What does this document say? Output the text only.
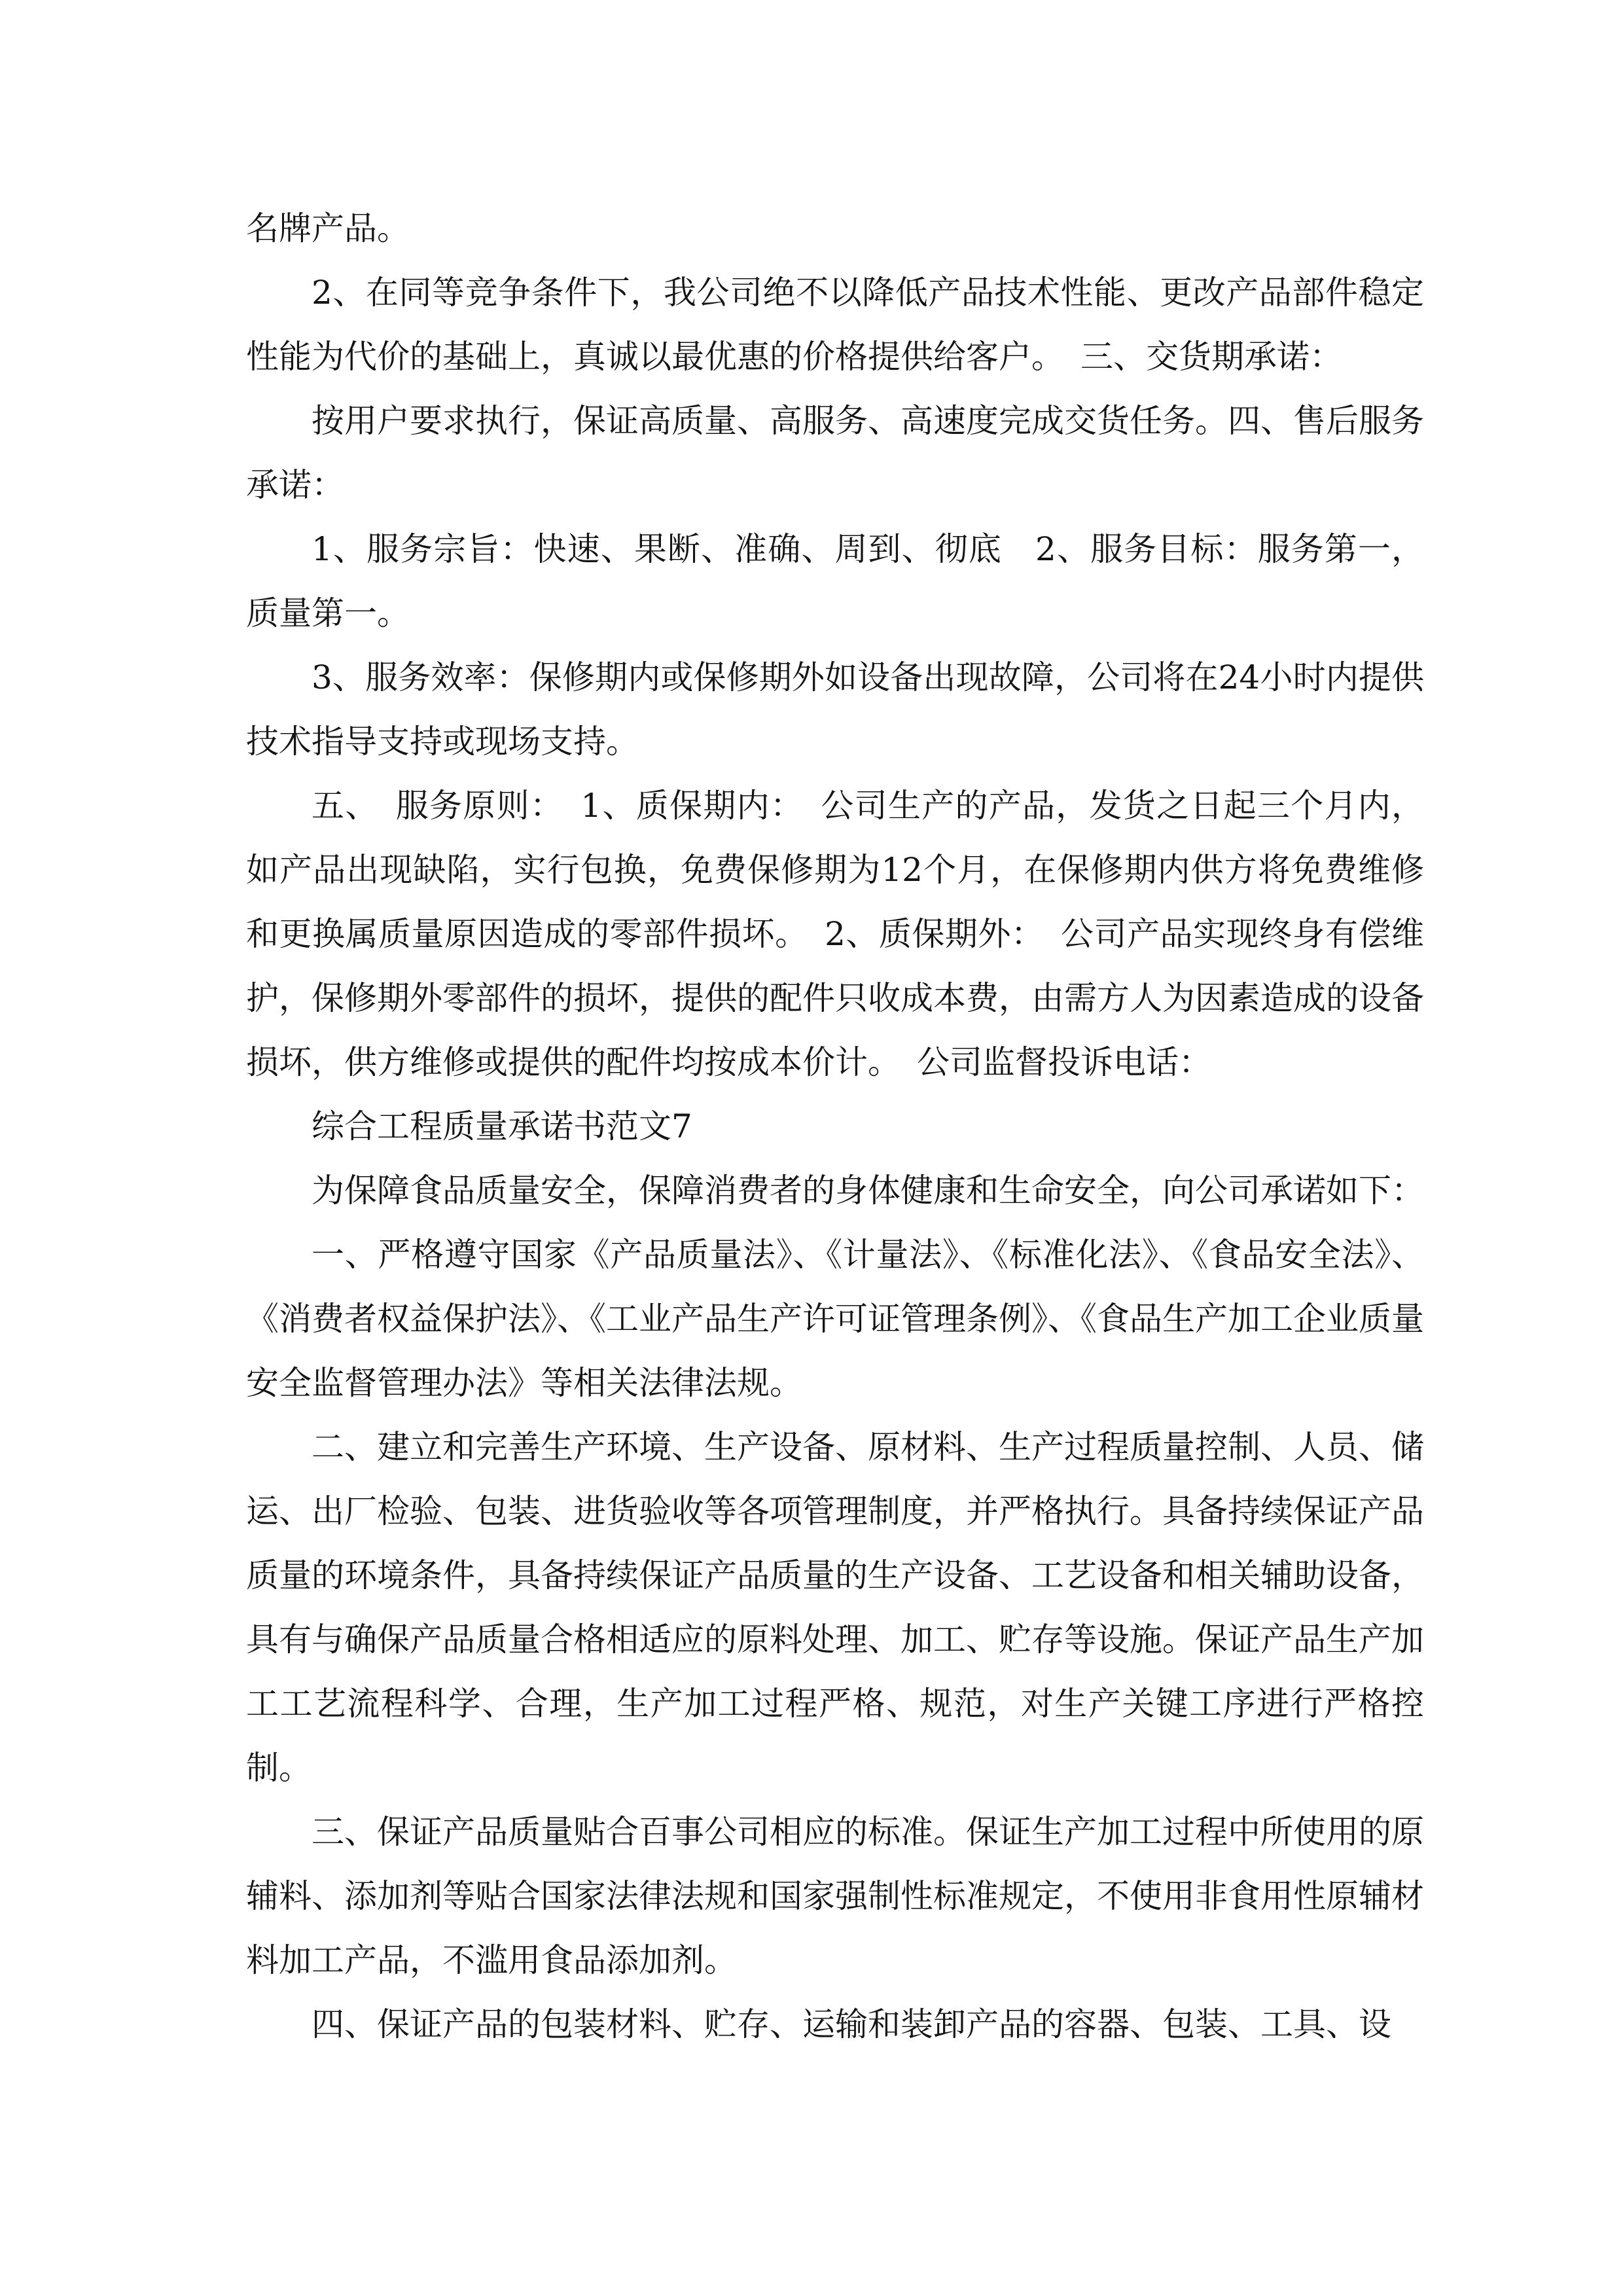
名牌产品。

2、在同等竞争条件下，我公司绝不以降低产品技术性能、更改产品部件稳定性能为代价的基础上，真诚以最优惠的价格提供给客户。　三、交货期承诺：

按用户要求执行，保证高质量、高服务、高速度完成交货任务。四、售后服务承诺：

1、服务宗旨：快速、果断、准确、周到、彻底　2、服务目标：服务第一，质量第一。

3、服务效率：保修期内或保修期外如设备出现故障，公司将在24小时内提供技术指导支持或现场支持。

五、　服务原则：　1、质保期内：　公司生产的产品，发货之日起三个月内，如产品出现缺陷，实行包换，免费保修期为12个月，在保修期内供方将免费维修和更换属质量原因造成的零部件损坏。　2、质保期外：　公司产品实现终身有偿维护，保修期外零部件的损坏，提供的配件只收成本费，由需方人为因素造成的设备损坏，供方维修或提供的配件均按成本价计。　公司监督投诉电话：

综合工程质量承诺书范文7

为保障食品质量安全，保障消费者的身体健康和生命安全，向公司承诺如下：

一、严格遵守国家《产品质量法》、《计量法》、《标准化法》、《食品安全法》、《消费者权益保护法》、《工业产品生产许可证管理条例》、《食品生产加工企业质量安全监督管理办法》等相关法律法规。

二、建立和完善生产环境、生产设备、原材料、生产过程质量控制、人员、储运、出厂检验、包装、进货验收等各项管理制度，并严格执行。具备持续保证产品质量的环境条件，具备持续保证产品质量的生产设备、工艺设备和相关辅助设备，具有与确保产品质量合格相适应的原料处理、加工、贮存等设施。保证产品生产加工工艺流程科学、合理，生产加工过程严格、规范，对生产关键工序进行严格控制。

三、保证产品质量贴合百事公司相应的标准。保证生产加工过程中所使用的原辅料、添加剂等贴合国家法律法规和国家强制性标准规定，不使用非食用性原辅材料加工产品，不滥用食品添加剂。

四、保证产品的包装材料、贮存、运输和装卸产品的容器、包装、工具、设
